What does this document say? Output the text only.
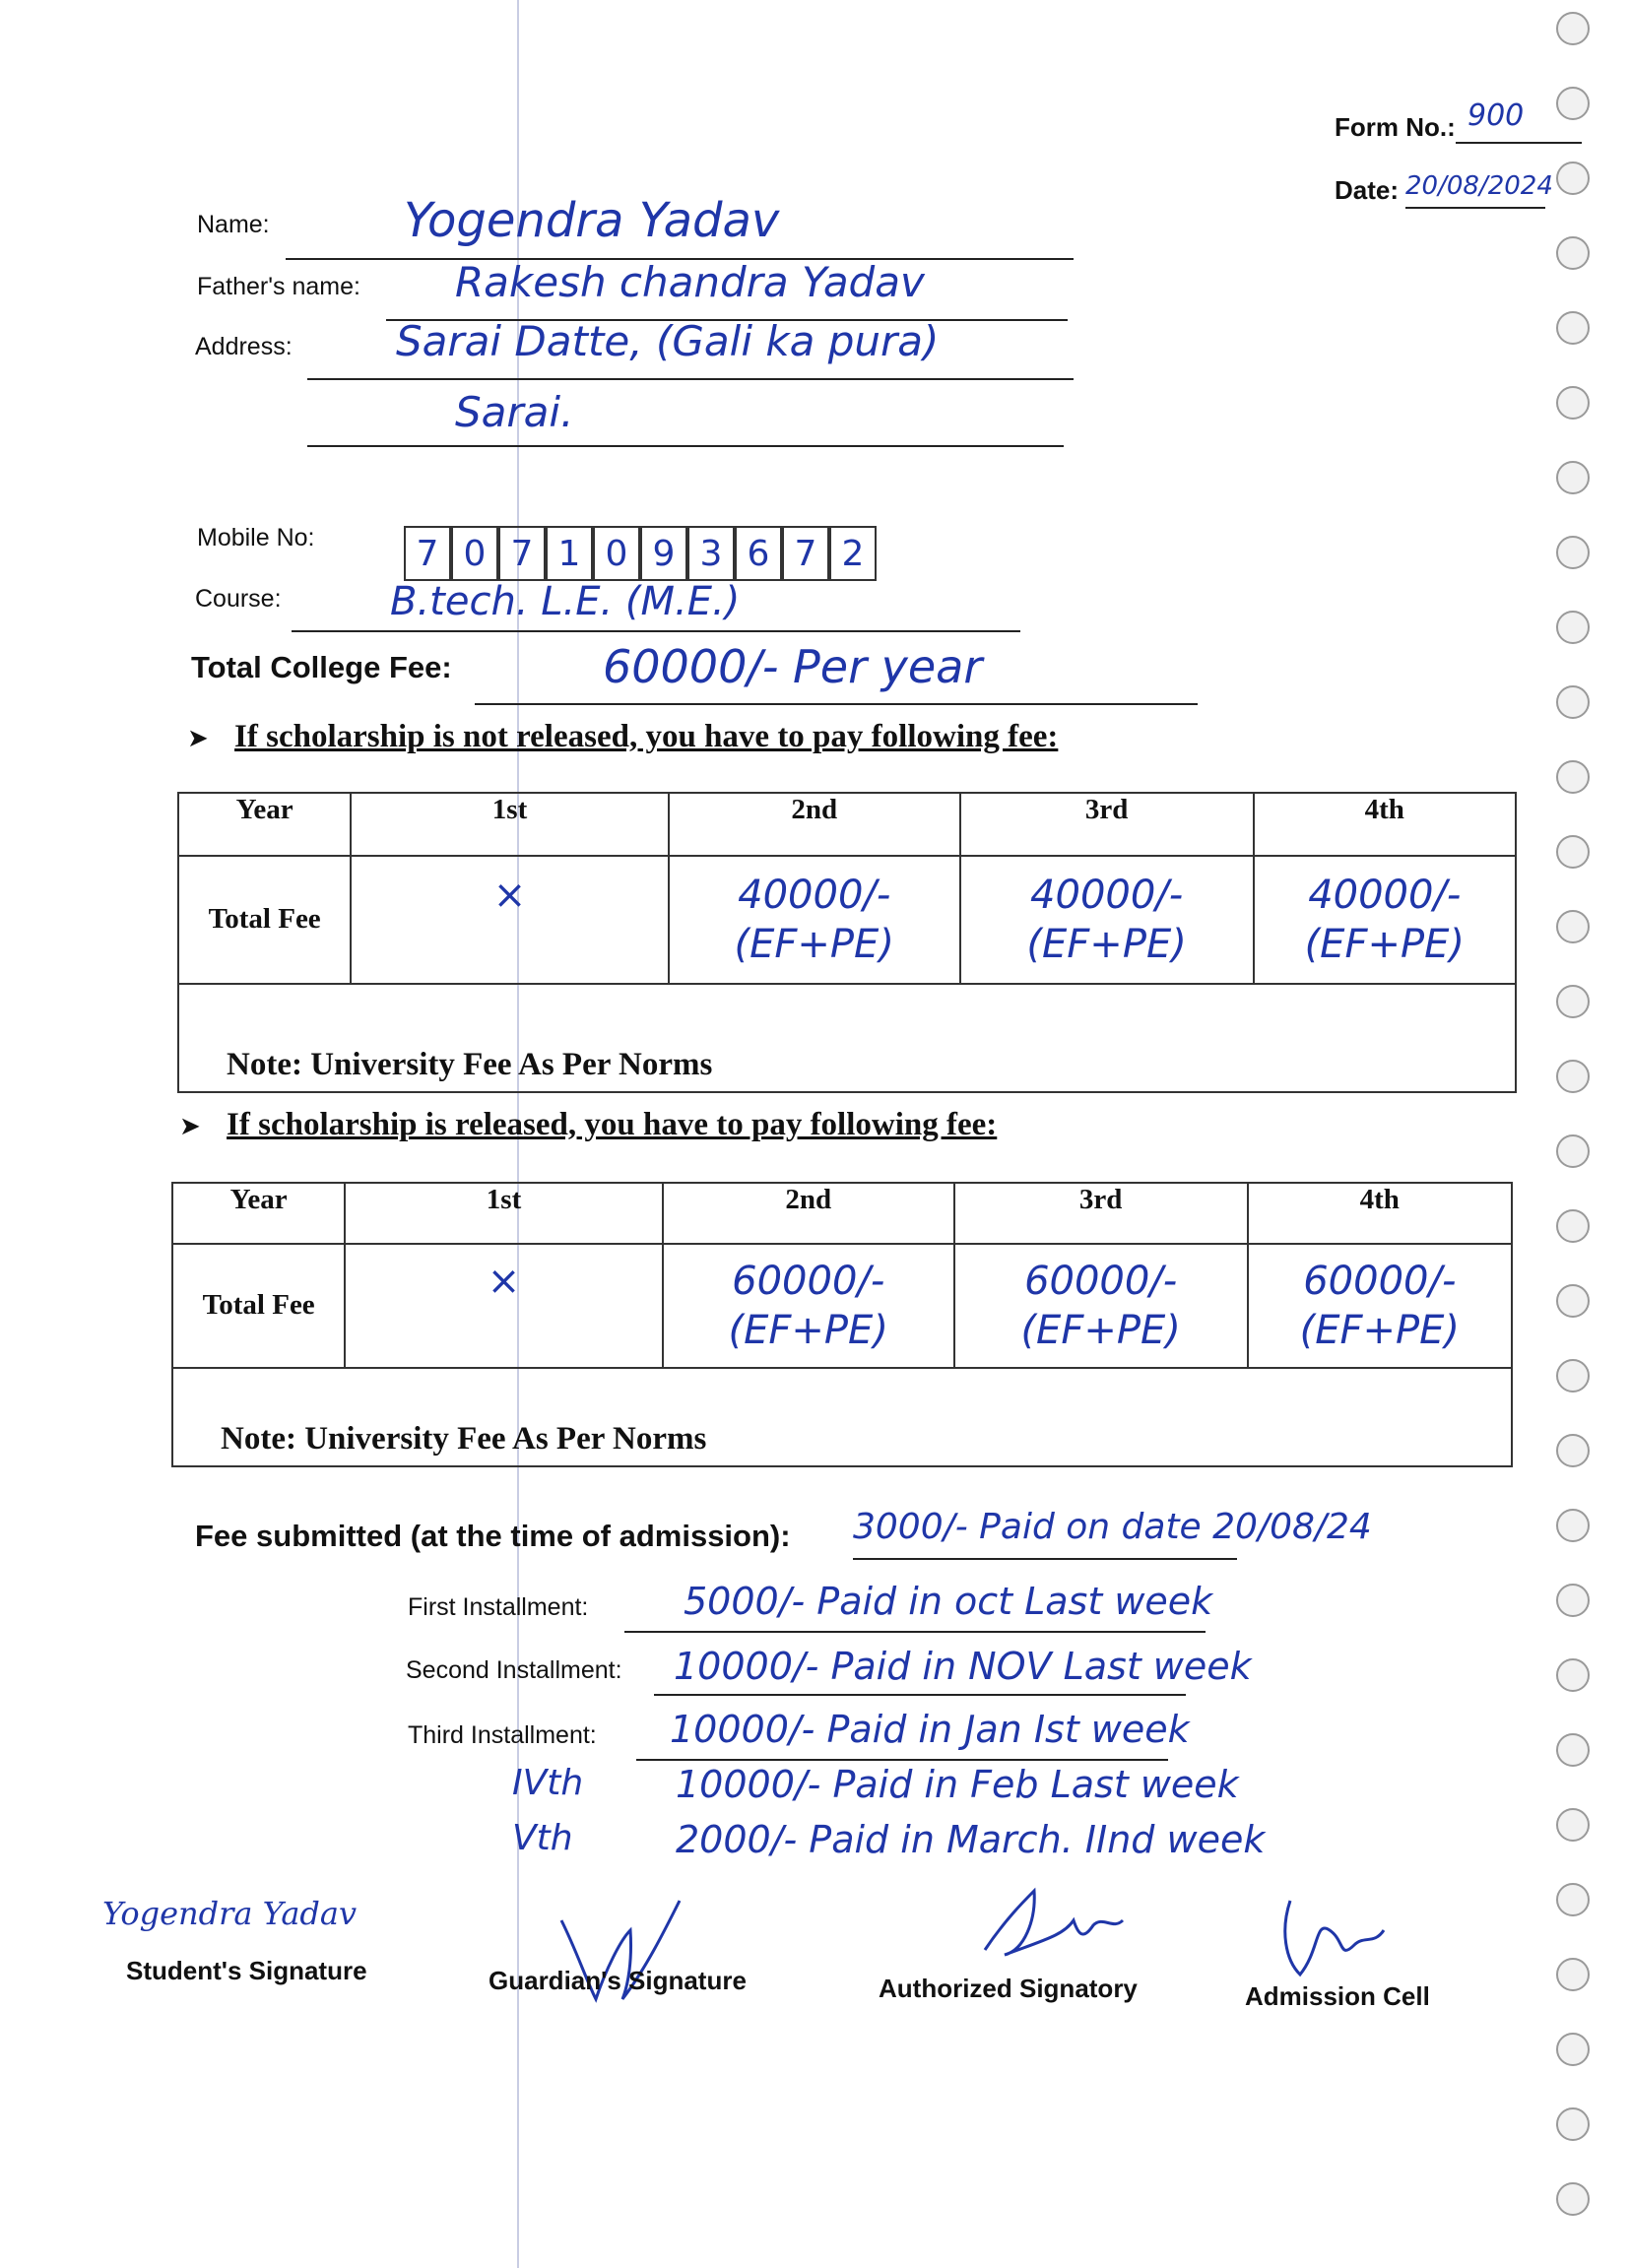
Form No.: 900
Date: 20/08/2024
Name:	Yogendra Yadav
Father's name:	Rakesh chandra Yadav
Address:	Sarai Datte, (Gali ka pura)
Sarai.
Mobile No:	7 0 7 1 0 9 3 6 7 2
Course:	B.tech. L.E. (M.E.)
Total College Fee:	60000/- Per year
➤ If scholarship is not released, you have to pay following fee:
Year	1st	2nd	3rd	4th
Total Fee	×	40000/- (EF+PE)	40000/- (EF+PE)	40000/- (EF+PE)
Note: University Fee As Per Norms				
➤ If scholarship is released, you have to pay following fee:
Year	1st	2nd	3rd	4th
Total Fee	×	60000/- (EF+PE)	60000/- (EF+PE)	60000/- (EF+PE)
Note: University Fee As Per Norms				
Fee submitted (at the time of admission): 3000/- Paid on date 20/08/24
First Installment:	5000/- Paid in oct Last week
Second Installment:	10000/- Paid in NOV Last week
Third Installment:	10000/- Paid in Jan Ist week
IVth 10000/- Paid in Feb Last week
Vth	2000/- Paid in March. IInd week
Yogendra Yadav
Student's Signature	Guardian's Signature	Authorized Signatory	Admission Cell
